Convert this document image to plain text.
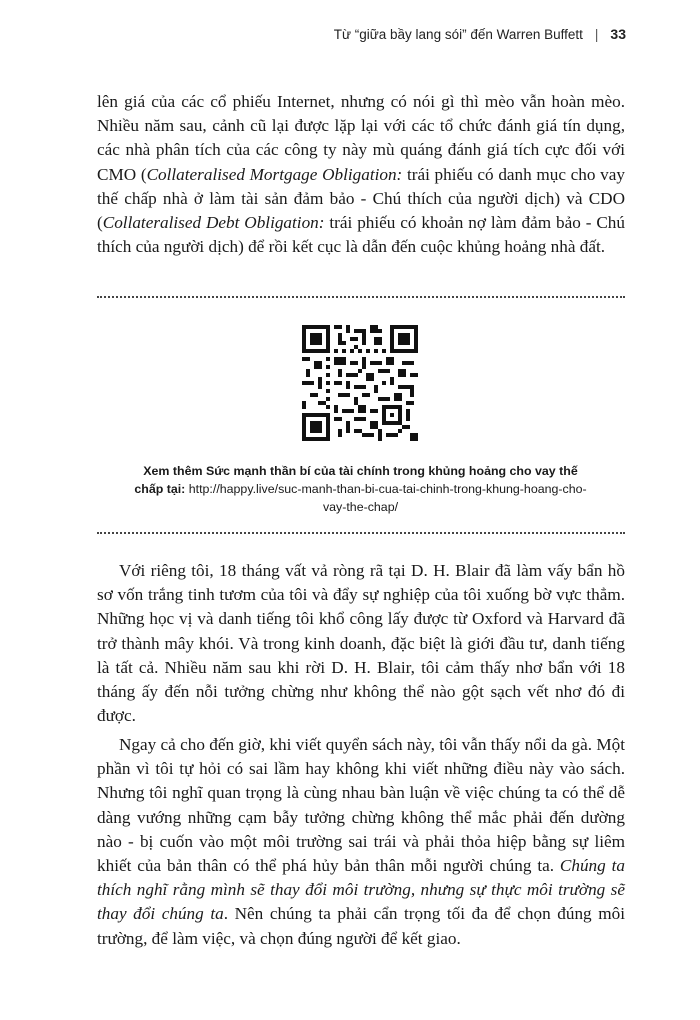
Từ “giữa bầy lang sói” đến Warren Buffett | 33

lên giá của các cổ phiếu Internet, nhưng có nói gì thì mèo vẫn hoàn mèo. Nhiều năm sau, cảnh cũ lại được lặp lại với các tổ chức đánh giá tín dụng, các nhà phân tích của các công ty này mù quáng đánh giá tích cực đối với CMO (Collateralised Mortgage Obligation: trái phiếu có danh mục cho vay thế chấp nhà ở làm tài sản đảm bảo - Chú thích của người dịch) và CDO (Collateralised Debt Obligation: trái phiếu có khoản nợ làm đảm bảo - Chú thích của người dịch) để rồi kết cục là dẫn đến cuộc khủng hoảng nhà đất.

Xem thêm Sức mạnh thần bí của tài chính trong khủng hoảng cho vay thế chấp tại: http://happy.live/suc-manh-than-bi-cua-tai-chinh-trong-khung-hoang-cho-vay-the-chap/

Với riêng tôi, 18 tháng vất vả ròng rã tại D. H. Blair đã làm vấy bẩn hồ sơ vốn trắng tinh tươm của tôi và đẩy sự nghiệp của tôi xuống bờ vực thẳm. Những học vị và danh tiếng tôi khổ công lấy được từ Oxford và Harvard đã trở thành mây khói. Và trong kinh doanh, đặc biệt là giới đầu tư, danh tiếng là tất cả. Nhiều năm sau khi rời D. H. Blair, tôi cảm thấy nhơ bẩn với 18 tháng ấy đến nỗi tưởng chừng như không thể nào gột sạch vết nhơ đó đi được.

Ngay cả cho đến giờ, khi viết quyển sách này, tôi vẫn thấy nổi da gà. Một phần vì tôi tự hỏi có sai lầm hay không khi viết những điều này vào sách. Nhưng tôi nghĩ quan trọng là cùng nhau bàn luận về việc chúng ta có thể dễ dàng vướng những cạm bẫy tưởng chừng không thể mắc phải đến dường nào - bị cuốn vào một môi trường sai trái và phải thỏa hiệp bằng sự liêm khiết của bản thân có thể phá hủy bản thân mỗi người chúng ta. Chúng ta thích nghĩ rằng mình sẽ thay đổi môi trường, nhưng sự thực môi trường sẽ thay đổi chúng ta. Nên chúng ta phải cẩn trọng tối đa để chọn đúng môi trường, để làm việc, và chọn đúng người để kết giao.
